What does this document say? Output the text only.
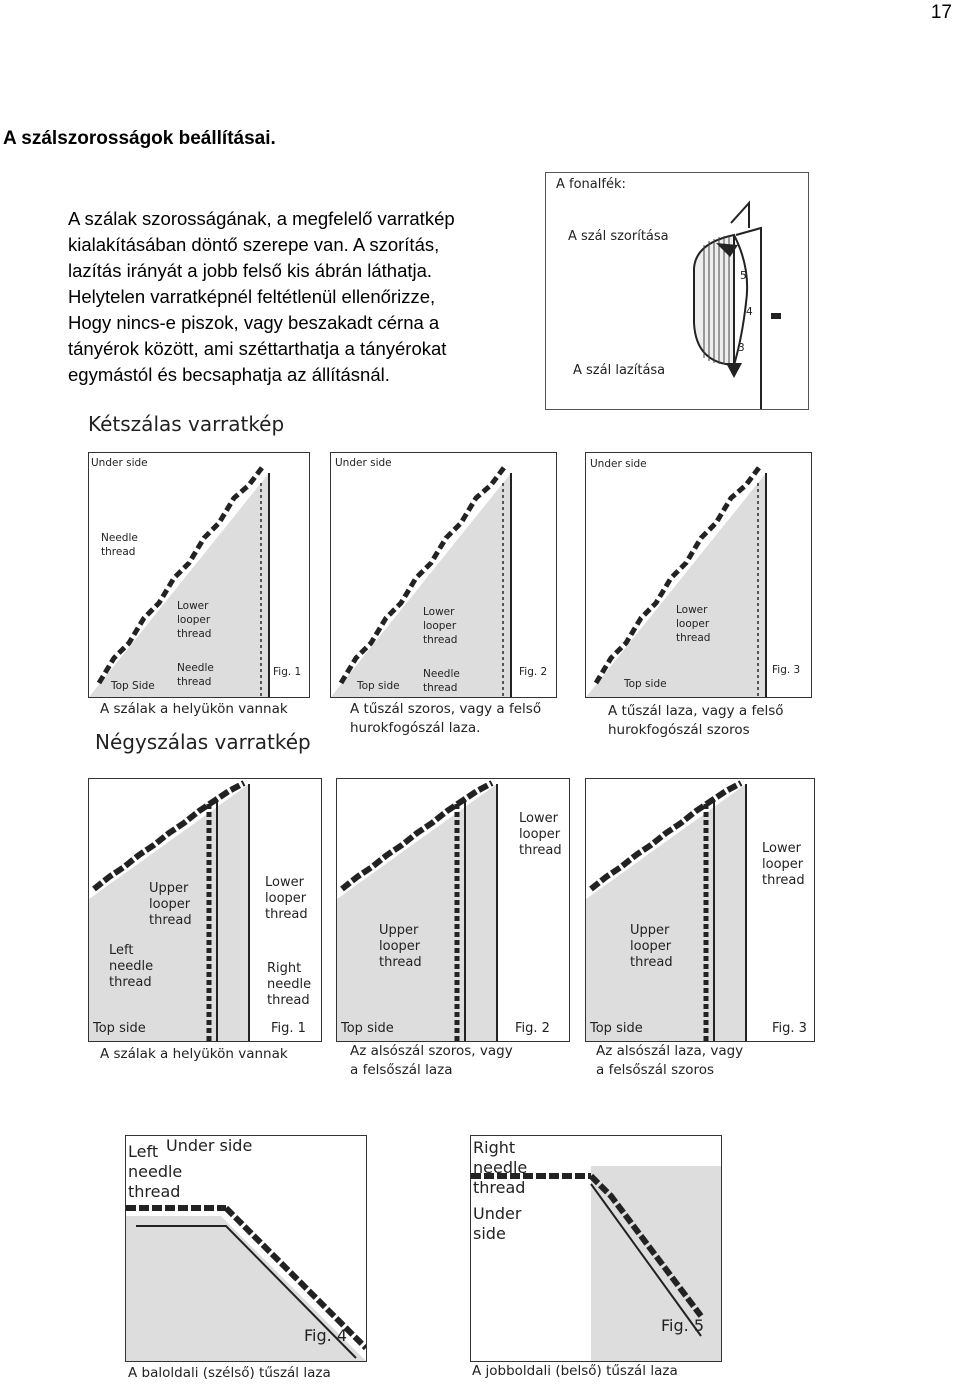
17
A szálszorosságok beállításai.
A szálak szorosságának, a megfelelő varratkép
kialakításában döntő szerepe van. A szorítás,
lazítás irányát a jobb felső kis ábrán láthatja.
Helytelen varratképnél feltétlenül ellenőrizze,
Hogy nincs-e piszok, vagy beszakadt cérna a
tányérok között, ami széttarthatja a tányérokat
egymástól és becsaphatja az állításnál.
A fonalfék:
A szál szorítása
A szál lazítása
5
4
3
Kétszálas varratkép
Under side
Needle
thread
Lower
looper
thread
Needle
thread
Fig. 1
Top Side
A szálak a helyükön vannak
Under side
Lower
looper
thread
Needle
thread
Fig. 2
Top side
A tűszál szoros, vagy a felső
hurokfogószál laza.
Under side
Lower
looper
thread
Fig. 3
Top side
A tűszál laza, vagy a felső
hurokfogószál szoros
Négyszálas varratkép
Upper
looper
thread
Lower
looper
thread
Left
needle
thread
Right
needle
thread
Top side	Fig. 1
A szálak a helyükön vannak
Lower
looper
thread
Upper
looper
thread
Top side	Fig. 2
Az alsószál szoros, vagy
a felsőszál laza
Lower
looper
thread
Upper
looper
thread
Top side	Fig. 3
Az alsószál laza, vagy
a felsőszál szoros
Left
needle
thread
Under side
Fig. 4
A baloldali (szélső) tűszál laza
Right
needle
thread
Under
side
Fig. 5
A jobboldali (belső) tűszál laza
